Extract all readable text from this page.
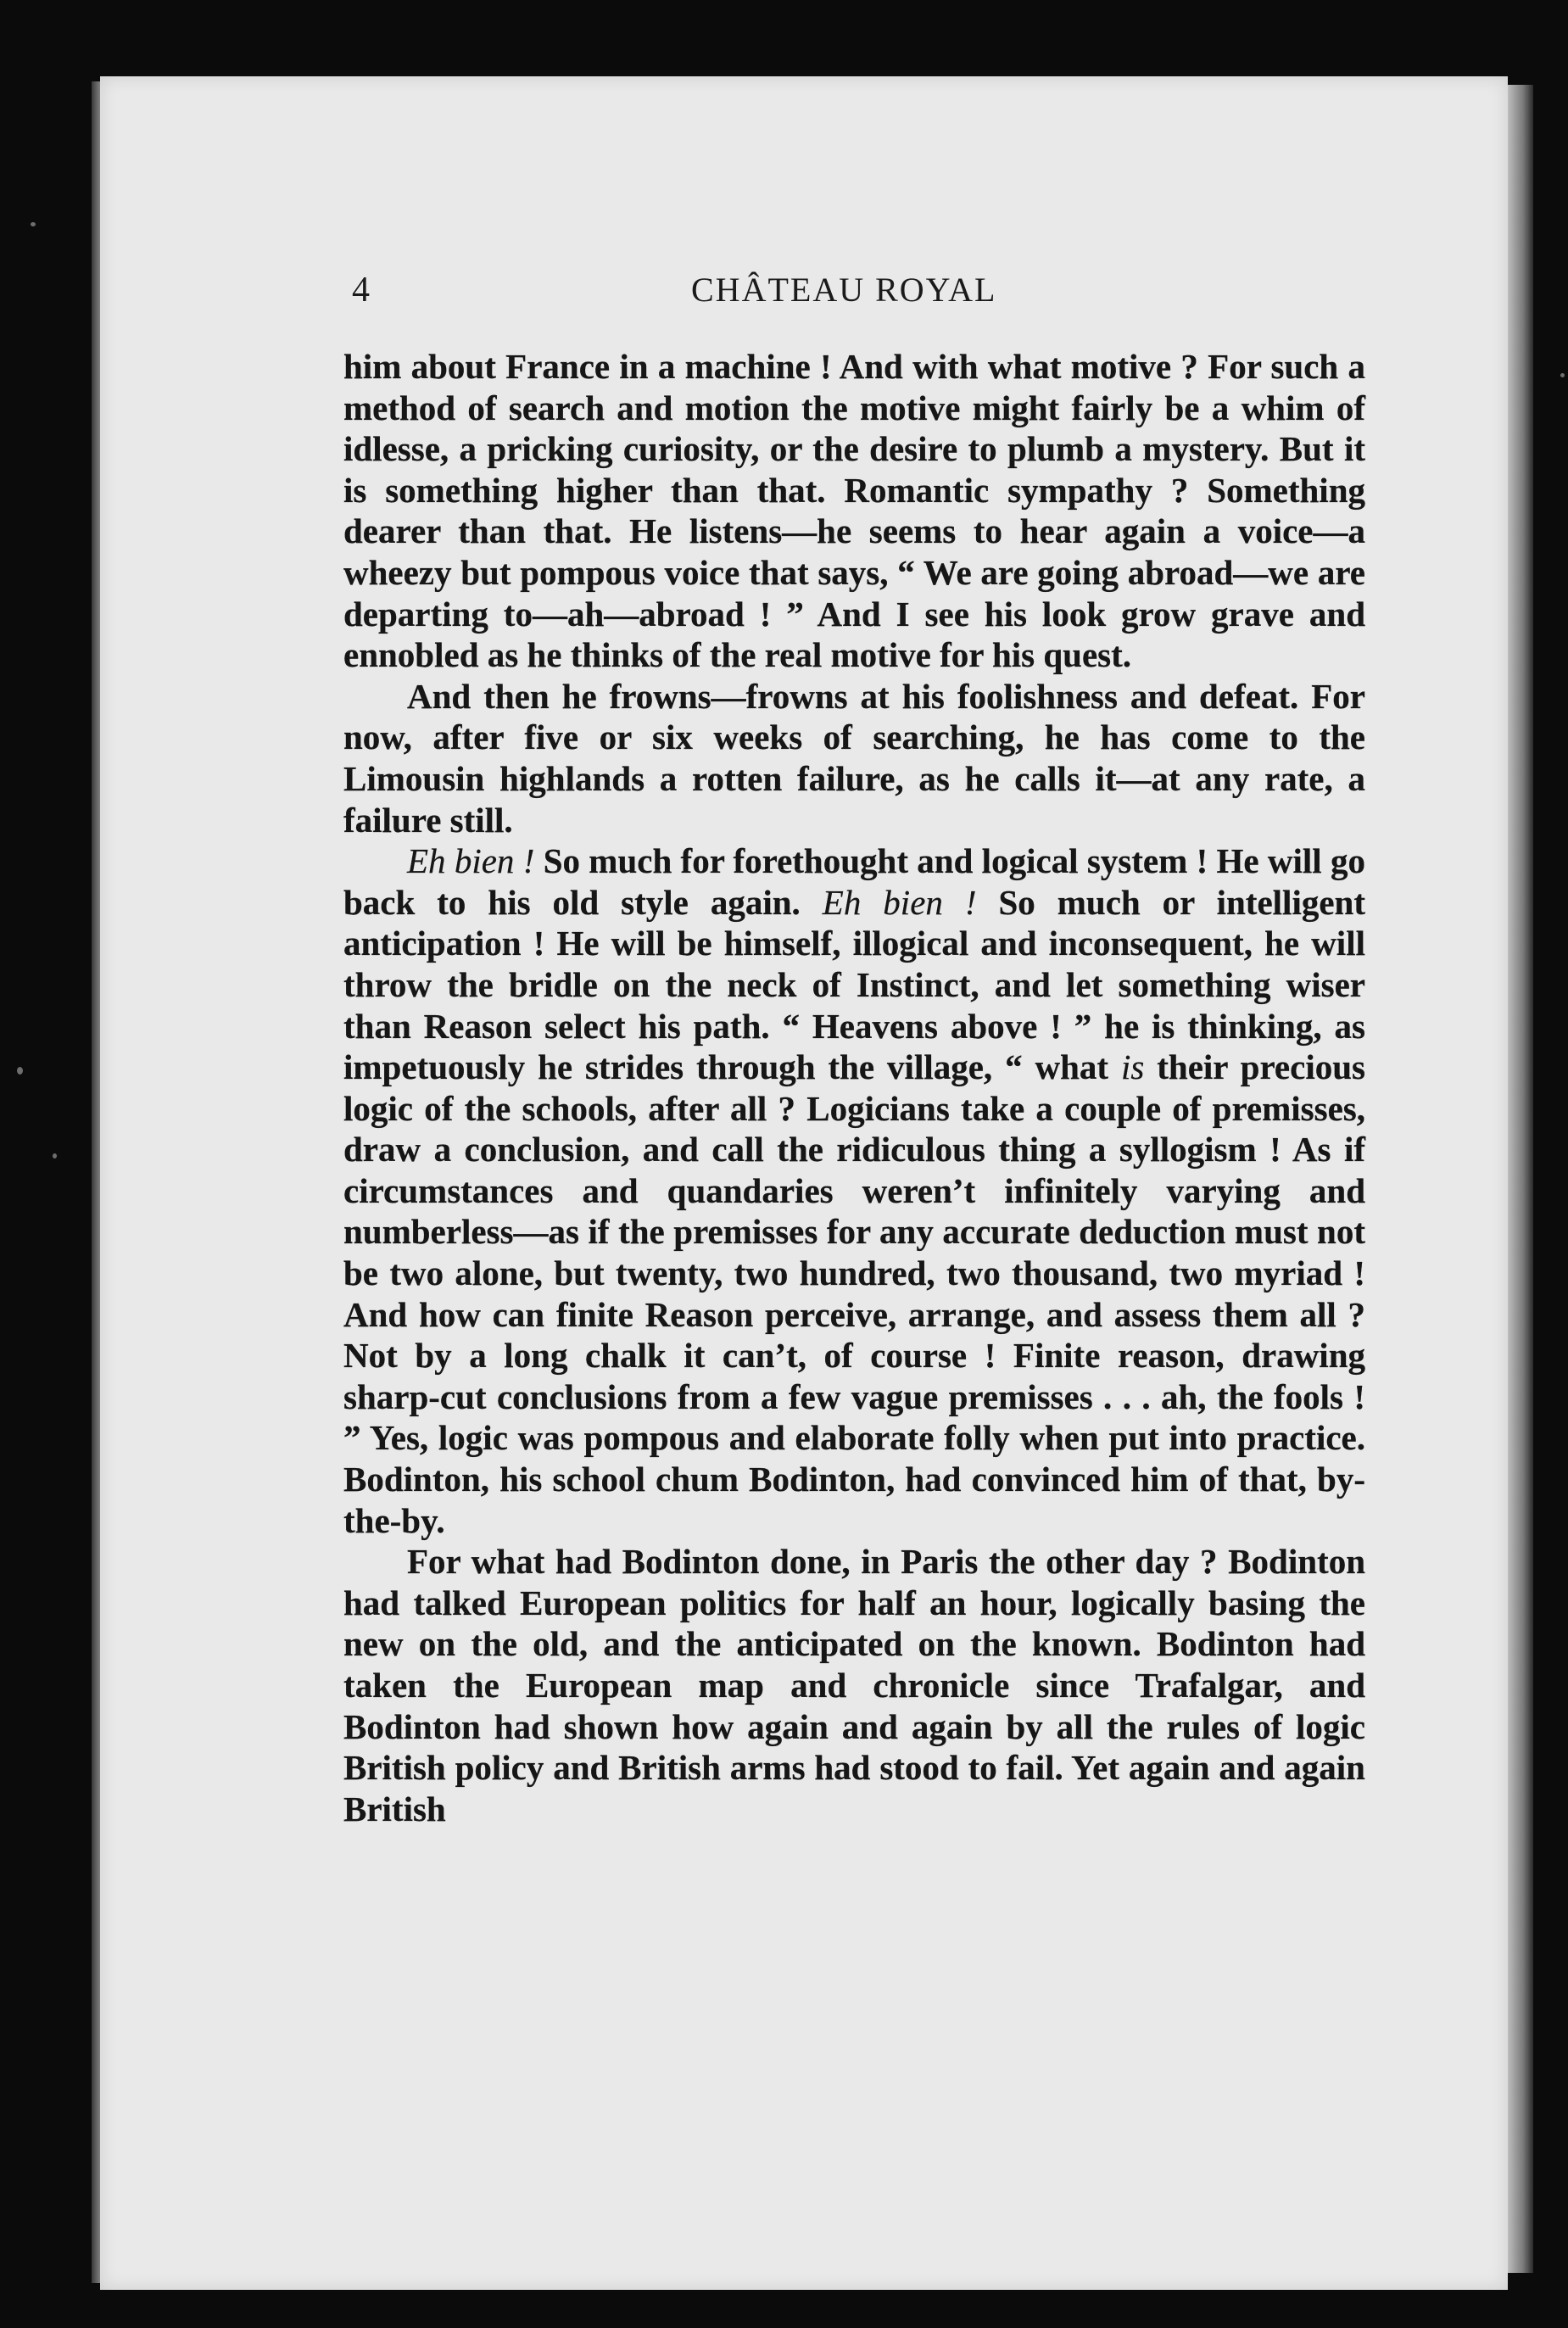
4	CHÂTEAU ROYAL

him about France in a machine ! And with what motive ? For such a method of search and motion the motive might fairly be a whim of idlesse, a pricking curiosity, or the desire to plumb a mystery. But it is something higher than that. Romantic sympathy ? Something dearer than that. He listens—he seems to hear again a voice—a wheezy but pompous voice that says, “ We are going abroad—we are departing to—ah—abroad ! ” And I see his look grow grave and ennobled as he thinks of the real motive for his quest.

And then he frowns—frowns at his foolishness and defeat. For now, after five or six weeks of searching, he has come to the Limousin highlands a rotten failure, as he calls it—at any rate, a failure still.

Eh bien ! So much for forethought and logical system ! He will go back to his old style again. Eh bien ! So much or intelligent anticipation ! He will be himself, illogical and inconsequent, he will throw the bridle on the neck of Instinct, and let something wiser than Reason select his path. “ Heavens above ! ” he is thinking, as impetuously he strides through the village, “ what is their precious logic of the schools, after all ? Logicians take a couple of premisses, draw a conclusion, and call the ridiculous thing a syllogism ! As if circumstances and quandaries weren’t infinitely varying and numberless—as if the premisses for any accurate deduction must not be two alone, but twenty, two hundred, two thousand, two myriad ! And how can finite Reason perceive, arrange, and assess them all ? Not by a long chalk it can’t, of course ! Finite reason, drawing sharp-cut conclusions from a few vague premisses . . . ah, the fools ! ” Yes, logic was pompous and elaborate folly when put into practice. Bodinton, his school chum Bodinton, had convinced him of that, by-the-by.

For what had Bodinton done, in Paris the other day ? Bodinton had talked European politics for half an hour, logically basing the new on the old, and the anticipated on the known. Bodinton had taken the European map and chronicle since Trafalgar, and Bodinton had shown how again and again by all the rules of logic British policy and British arms had stood to fail. Yet again and again British
